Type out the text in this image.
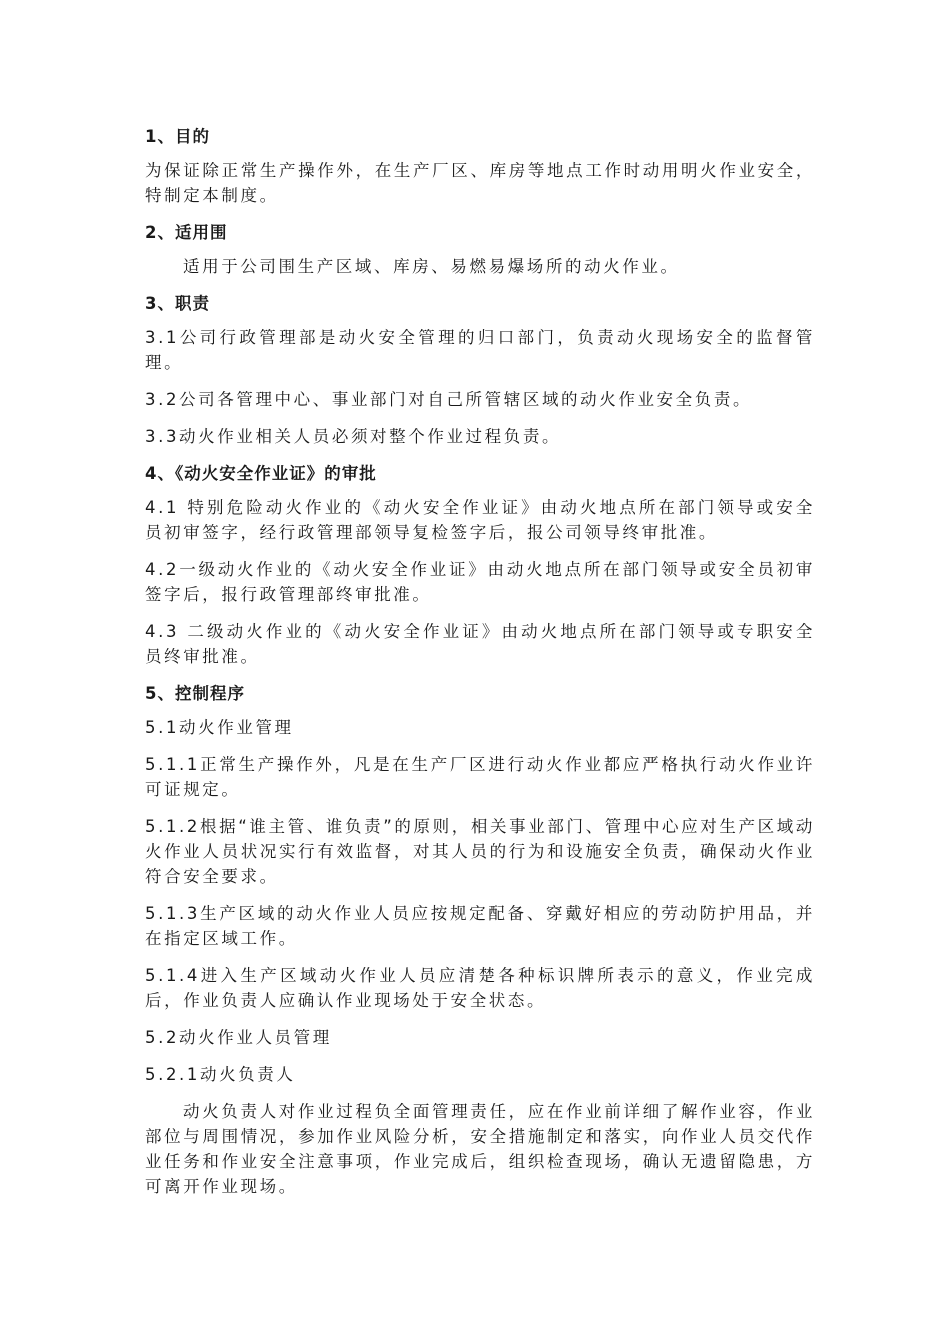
1、目的
为保证除正常生产操作外，在生产厂区、库房等地点工作时动用明火作业安全，特制定本制度。
2、适用围
适用于公司围生产区域、库房、易燃易爆场所的动火作业。
3、职责
3.1公司行政管理部是动火安全管理的归口部门，负责动火现场安全的监督管理。
3.2公司各管理中心、事业部门对自己所管辖区域的动火作业安全负责。
3.3动火作业相关人员必须对整个作业过程负责。
4、《动火安全作业证》的审批
4.1 特别危险动火作业的《动火安全作业证》由动火地点所在部门领导或安全员初审签字，经行政管理部领导复检签字后，报公司领导终审批准。
4.2一级动火作业的《动火安全作业证》由动火地点所在部门领导或安全员初审签字后，报行政管理部终审批准。
4.3 二级动火作业的《动火安全作业证》由动火地点所在部门领导或专职安全员终审批准。
5、控制程序
5.1动火作业管理
5.1.1正常生产操作外，凡是在生产厂区进行动火作业都应严格执行动火作业许可证规定。
5.1.2根据“谁主管、谁负责”的原则，相关事业部门、管理中心应对生产区域动火作业人员状况实行有效监督，对其人员的行为和设施安全负责，确保动火作业符合安全要求。
5.1.3生产区域的动火作业人员应按规定配备、穿戴好相应的劳动防护用品，并在指定区域工作。
5.1.4进入生产区域动火作业人员应清楚各种标识牌所表示的意义，作业完成后，作业负责人应确认作业现场处于安全状态。
5.2动火作业人员管理
5.2.1动火负责人
动火负责人对作业过程负全面管理责任，应在作业前详细了解作业容，作业部位与周围情况，参加作业风险分析，安全措施制定和落实，向作业人员交代作业任务和作业安全注意事项，作业完成后，组织检查现场，确认无遗留隐患，方可离开作业现场。
